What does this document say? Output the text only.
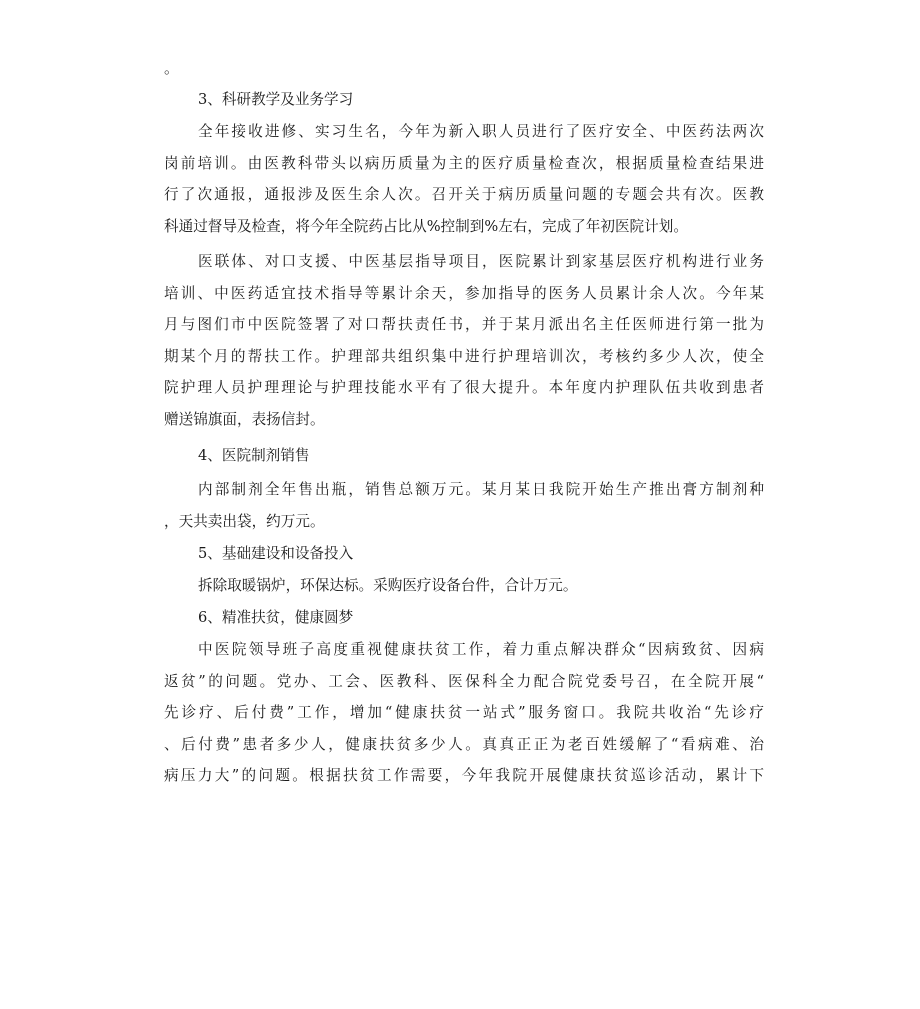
。

3、科研教学及业务学习
全年接收进修、实习生名，今年为新入职人员进行了医疗安全、中医药法两次
岗前培训。由医教科带头以病历质量为主的医疗质量检查次，根据质量检查结果进
行了次通报，通报涉及医生余人次。召开关于病历质量问题的专题会共有次。医教
科通过督导及检查，将今年全院药占比从%控制到%左右，完成了年初医院计划。
医联体、对口支援、中医基层指导项目，医院累计到家基层医疗机构进行业务
培训、中医药适宜技术指导等累计余天，参加指导的医务人员累计余人次。今年某
月与图们市中医院签署了对口帮扶责任书，并于某月派出名主任医师进行第一批为
期某个月的帮扶工作。护理部共组织集中进行护理培训次，考核约多少人次，使全
院护理人员护理理论与护理技能水平有了很大提升。本年度内护理队伍共收到患者
赠送锦旗面，表扬信封。
4、医院制剂销售
内部制剂全年售出瓶，销售总额万元。某月某日我院开始生产推出膏方制剂种
，天共卖出袋，约万元。
5、基础建设和设备投入
拆除取暖锅炉，环保达标。采购医疗设备台件，合计万元。
6、精准扶贫，健康圆梦
中医院领导班子高度重视健康扶贫工作，着力重点解决群众“因病致贫、因病
返贫”的问题。党办、工会、医教科、医保科全力配合院党委号召，在全院开展“
先诊疗、后付费”工作，增加“健康扶贫一站式”服务窗口。我院共收治“先诊疗
、后付费”患者多少人，健康扶贫多少人。真真正正为老百姓缓解了“看病难、治
病压力大”的问题。根据扶贫工作需要，今年我院开展健康扶贫巡诊活动，累计下
